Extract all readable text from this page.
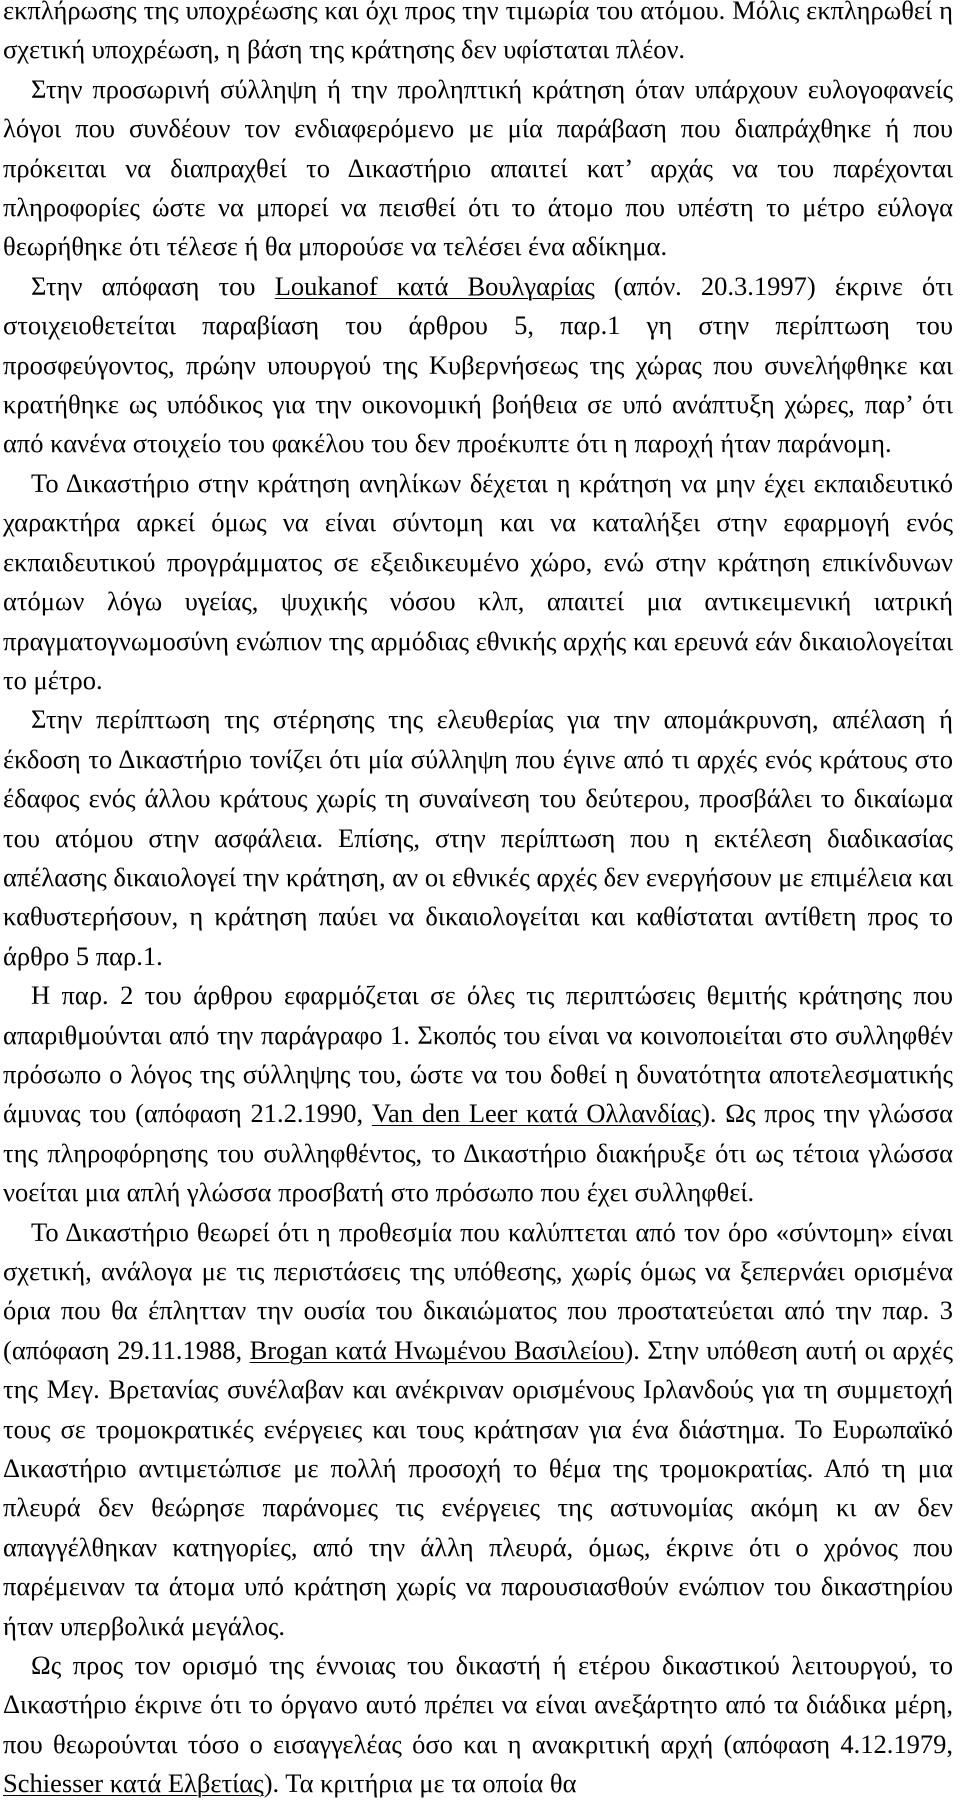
εκπλήρωσης της υποχρέωσης και όχι προς την τιμωρία του ατόμου. Μόλις εκπληρωθεί η σχετική υποχρέωση, η βάση της κράτησης δεν υφίσταται πλέον.

Στην προσωρινή σύλληψη ή την προληπτική κράτηση όταν υπάρχουν ευλογοφανείς λόγοι που συνδέουν τον ενδιαφερόμενο με μία παράβαση που διαπράχθηκε ή που πρόκειται να διαπραχθεί το Δικαστήριο απαιτεί κατ’ αρχάς να του παρέχονται πληροφορίες ώστε να μπορεί να πεισθεί ότι το άτομο που υπέστη το μέτρο εύλογα θεωρήθηκε ότι τέλεσε ή θα μπορούσε να τελέσει ένα αδίκημα.

Στην απόφαση του Loukanof κατά Βουλγαρίας (απόν. 20.3.1997) έκρινε ότι στοιχειοθετείται παραβίαση του άρθρου 5, παρ.1 γη στην περίπτωση του προσφεύγοντος, πρώην υπουργού της Κυβερνήσεως της χώρας που συνελήφθηκε και κρατήθηκε ως υπόδικος για την οικονομική βοήθεια σε υπό ανάπτυξη χώρες, παρ’ ότι από κανένα στοιχείο του φακέλου του δεν προέκυπτε ότι η παροχή ήταν παράνομη.

Το Δικαστήριο στην κράτηση ανηλίκων δέχεται η κράτηση να μην έχει εκπαιδευτικό χαρακτήρα αρκεί όμως να είναι σύντομη και να καταλήξει στην εφαρμογή ενός εκπαιδευτικού προγράμματος σε εξειδικευμένο χώρο, ενώ στην κράτηση επικίνδυνων ατόμων λόγω υγείας, ψυχικής νόσου κλπ, απαιτεί μια αντικειμενική ιατρική πραγματογνωμοσύνη ενώπιον της αρμόδιας εθνικής αρχής και ερευνά εάν δικαιολογείται το μέτρο.

Στην περίπτωση της στέρησης της ελευθερίας για την απομάκρυνση, απέλαση ή έκδοση το Δικαστήριο τονίζει ότι μία σύλληψη που έγινε από τι αρχές ενός κράτους στο έδαφος ενός άλλου κράτους χωρίς τη συναίνεση του δεύτερου, προσβάλει το δικαίωμα του ατόμου στην ασφάλεια. Επίσης, στην περίπτωση που η εκτέλεση διαδικασίας απέλασης δικαιολογεί την κράτηση, αν οι εθνικές αρχές δεν ενεργήσουν με επιμέλεια και καθυστερήσουν, η κράτηση παύει να δικαιολογείται και καθίσταται αντίθετη προς το άρθρο 5 παρ.1.

Η παρ. 2 του άρθρου εφαρμόζεται σε όλες τις περιπτώσεις θεμιτής κράτησης που απαριθμούνται από την παράγραφο 1. Σκοπός του είναι να κοινοποιείται στο συλληφθέν πρόσωπο ο λόγος της σύλληψης του, ώστε να του δοθεί η δυνατότητα αποτελεσματικής άμυνας του (απόφαση 21.2.1990, Van den Leer κατά Ολλανδίας). Ως προς την γλώσσα της πληροφόρησης του συλληφθέντος, το Δικαστήριο διακήρυξε ότι ως τέτοια γλώσσα νοείται μια απλή γλώσσα προσβατή στο πρόσωπο που έχει συλληφθεί.

Το Δικαστήριο θεωρεί ότι η προθεσμία που καλύπτεται από τον όρο «σύντομη» είναι σχετική, ανάλογα με τις περιστάσεις της υπόθεσης, χωρίς όμως να ξεπερνάει ορισμένα όρια που θα έπλητταν την ουσία του δικαιώματος που προστατεύεται από την παρ. 3 (απόφαση 29.11.1988, Brogan κατά Ηνωμένου Βασιλείου). Στην υπόθεση αυτή οι αρχές της Μεγ. Βρετανίας συνέλαβαν και ανέκριναν ορισμένους Ιρλανδούς για τη συμμετοχή τους σε τρομοκρατικές ενέργειες και τους κράτησαν για ένα διάστημα. Το Ευρωπαϊκό Δικαστήριο αντιμετώπισε με πολλή προσοχή το θέμα της τρομοκρατίας. Από τη μια πλευρά δεν θεώρησε παράνομες τις ενέργειες της αστυνομίας ακόμη κι αν δεν απαγγέλθηκαν κατηγορίες, από την άλλη πλευρά, όμως, έκρινε ότι ο χρόνος που παρέμειναν τα άτομα υπό κράτηση χωρίς να παρουσιασθούν ενώπιον του δικαστηρίου ήταν υπερβολικά μεγάλος.

Ως προς τον ορισμό της έννοιας του δικαστή ή ετέρου δικαστικού λειτουργού, το Δικαστήριο έκρινε ότι το όργανο αυτό πρέπει να είναι ανεξάρτητο από τα διάδικα μέρη, που θεωρούνται τόσο ο εισαγγελέας όσο και η ανακριτική αρχή (απόφαση 4.12.1979, Schiesser κατά Ελβετίας). Τα κριτήρια με τα οποία θα
